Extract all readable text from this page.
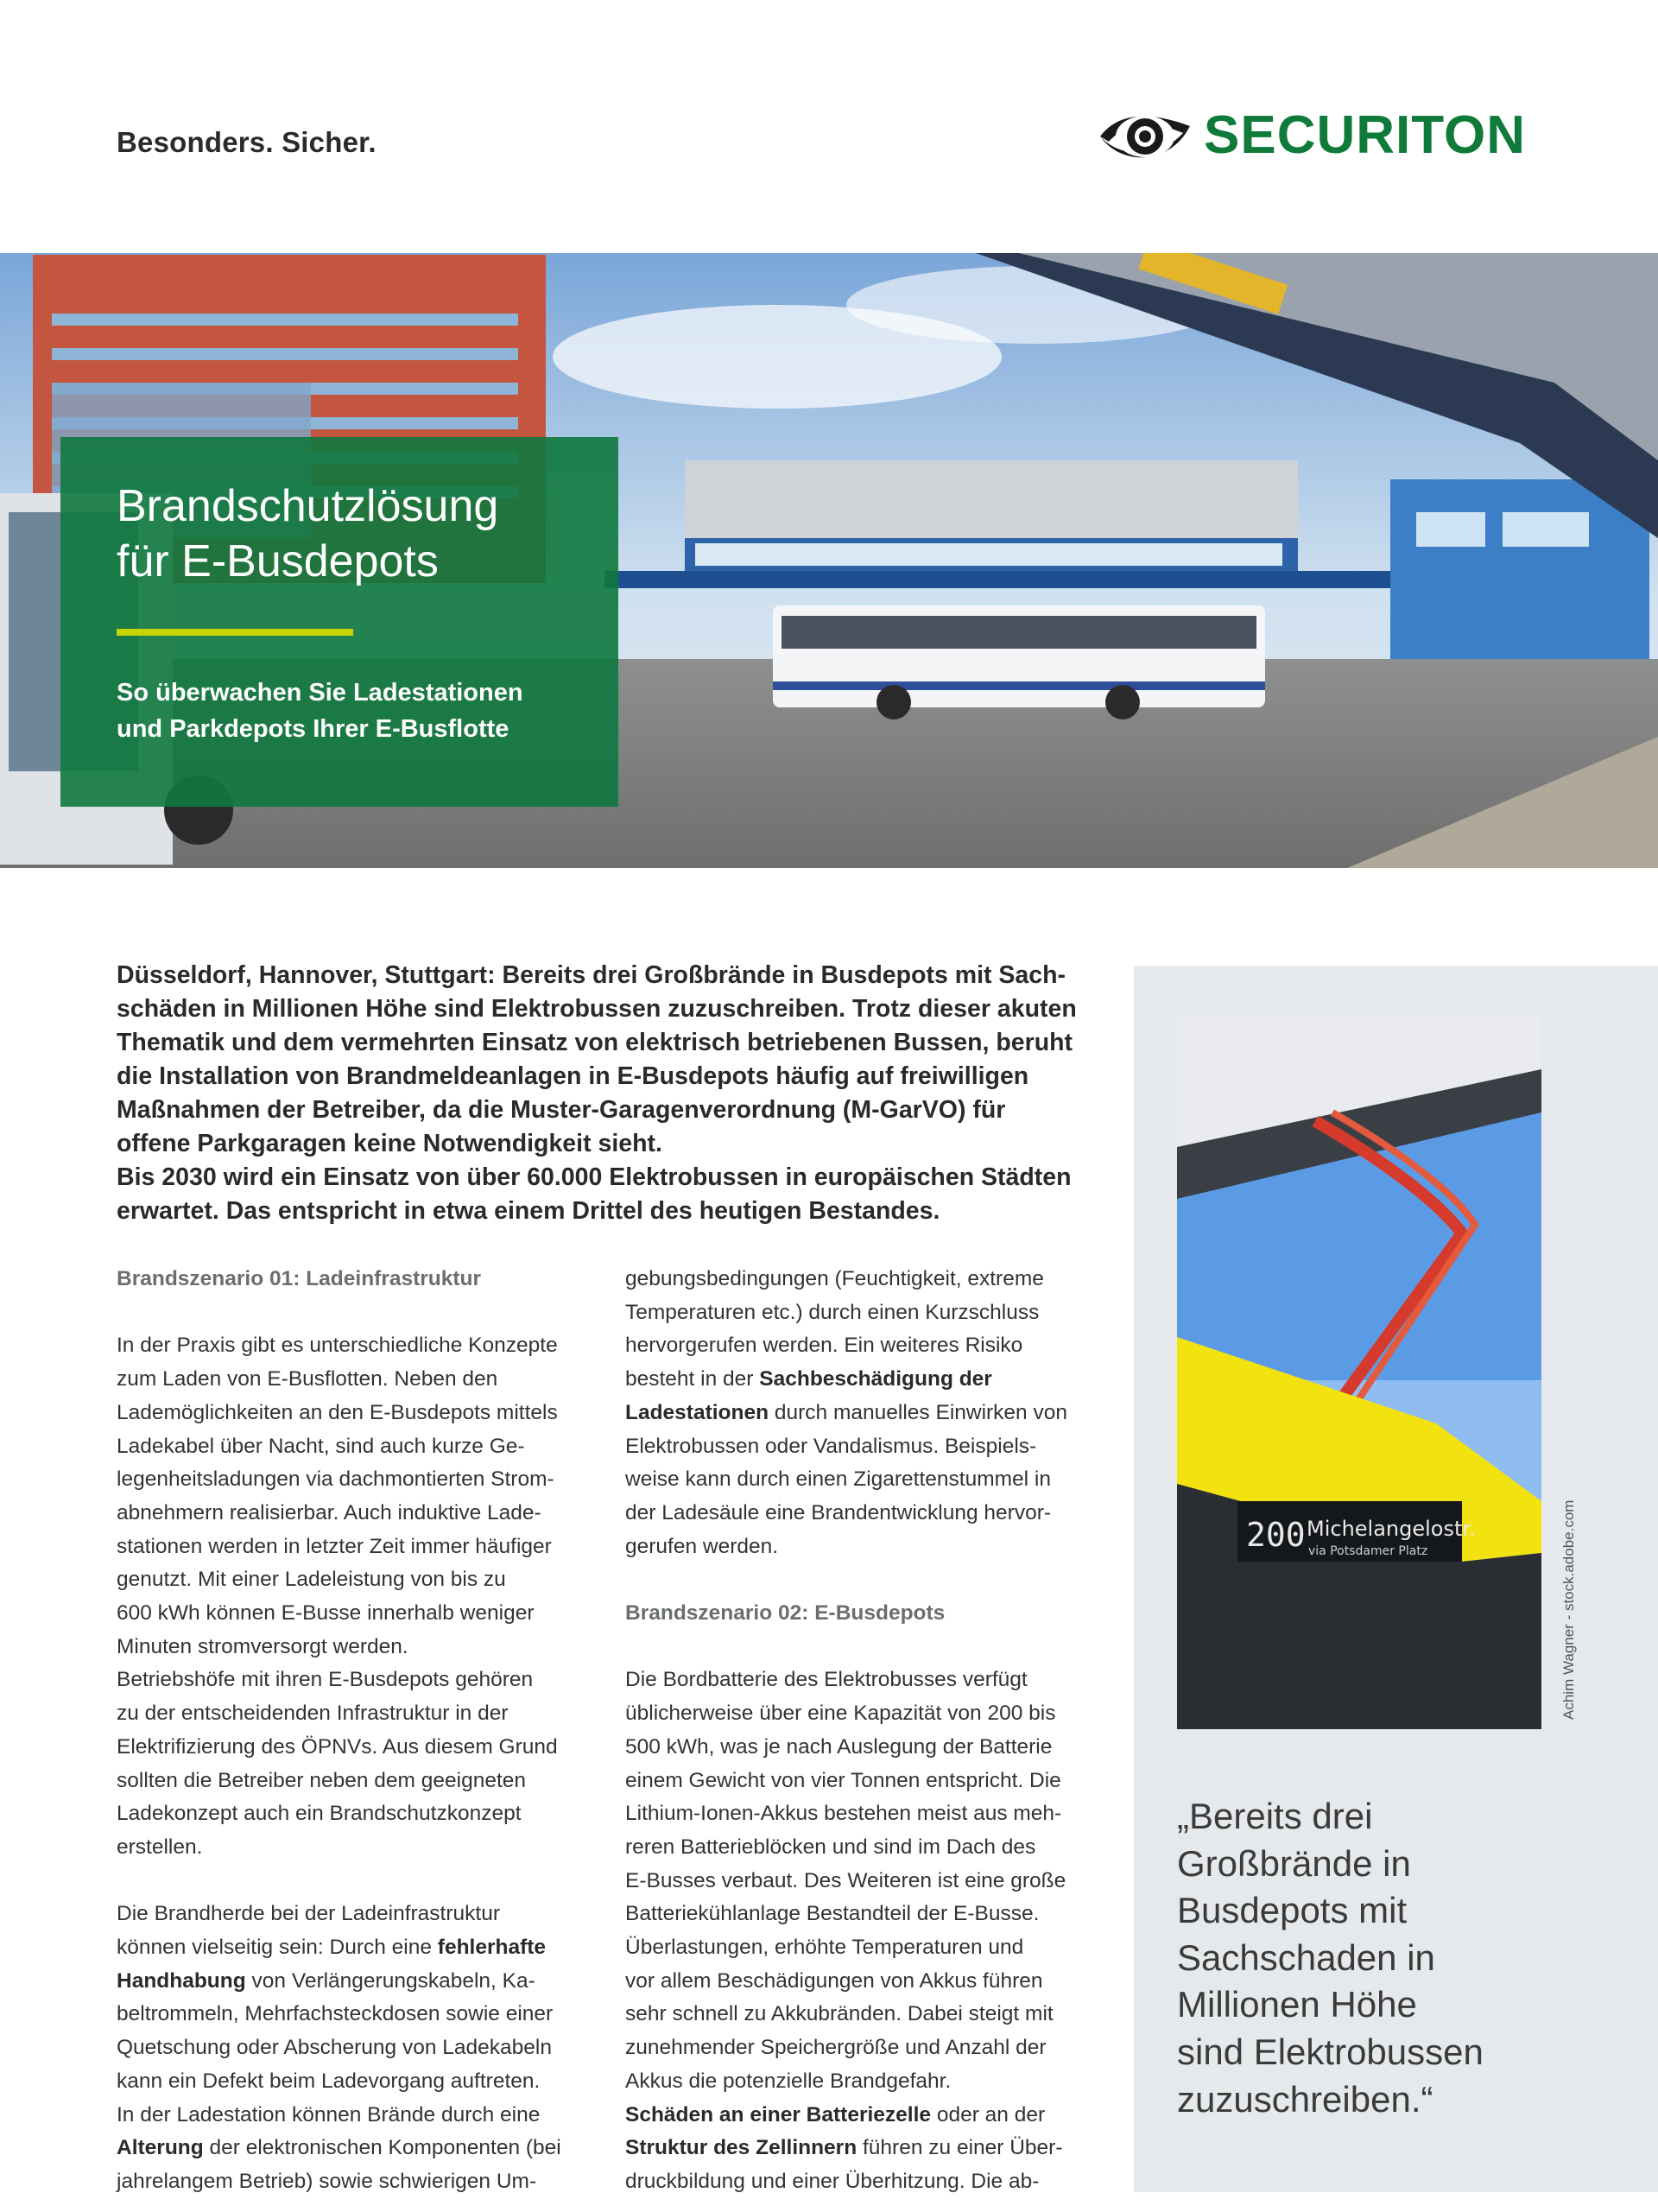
Besonders. Sicher.	SECURITON
Brandschutzlösung
für E-Busdepots
So überwachen Sie Ladestationen
und Parkdepots Ihrer E-Busflotte
Düsseldorf, Hannover, Stuttgart: Bereits drei Großbrände in Busdepots mit Sach-
schäden in Millionen Höhe sind Elektrobussen zuzuschreiben. Trotz dieser akuten
Thematik und dem vermehrten Einsatz von elektrisch betriebenen Bussen, beruht
die Installation von Brandmeldeanlagen in E-Busdepots häufig auf freiwilligen
Maßnahmen der Betreiber, da die Muster-Garagenverordnung (M-GarVO) für
offene Parkgaragen keine Notwendigkeit sieht.
Bis 2030 wird ein Einsatz von über 60.000 Elektrobussen in europäischen Städten
erwartet. Das entspricht in etwa einem Drittel des heutigen Bestandes.
Brandszenario 01: Ladeinfrastruktur
In der Praxis gibt es unterschiedliche Konzepte
zum Laden von E-Busflotten. Neben den
Lademöglichkeiten an den E-Busdepots mittels
Ladekabel über Nacht, sind auch kurze Ge-
legenheitsladungen via dachmontierten Strom-
abnehmern realisierbar. Auch induktive Lade-
stationen werden in letzter Zeit immer häufiger
genutzt. Mit einer Ladeleistung von bis zu
600 kWh können E-Busse innerhalb weniger
Minuten stromversorgt werden.
Betriebshöfe mit ihren E-Busdepots gehören
zu der entscheidenden Infrastruktur in der
Elektrifizierung des ÖPNVs. Aus diesem Grund
sollten die Betreiber neben dem geeigneten
Ladekonzept auch ein Brandschutzkonzept
erstellen.
Die Brandherde bei der Ladeinfrastruktur
können vielseitig sein: Durch eine fehlerhafte
Handhabung von Verlängerungskabeln, Ka-
beltrommeln, Mehrfachsteckdosen sowie einer
Quetschung oder Abscherung von Ladekabeln
kann ein Defekt beim Ladevorgang auftreten.
In der Ladestation können Brände durch eine
Alterung der elektronischen Komponenten (bei
jahrelangem Betrieb) sowie schwierigen Um-
gebungsbedingungen (Feuchtigkeit, extreme
Temperaturen etc.) durch einen Kurzschluss
hervorgerufen werden. Ein weiteres Risiko
besteht in der Sachbeschädigung der
Ladestationen durch manuelles Einwirken von
Elektrobussen oder Vandalismus. Beispiels-
weise kann durch einen Zigarettenstummel in
der Ladesäule eine Brandentwicklung hervor-
gerufen werden.
Brandszenario 02: E-Busdepots
Die Bordbatterie des Elektrobusses verfügt
üblicherweise über eine Kapazität von 200 bis
500 kWh, was je nach Auslegung der Batterie
einem Gewicht von vier Tonnen entspricht. Die
Lithium-Ionen-Akkus bestehen meist aus meh-
reren Batterieblöcken und sind im Dach des
E-Busses verbaut. Des Weiteren ist eine große
Batteriekühlanlage Bestandteil der E-Busse.
Überlastungen, erhöhte Temperaturen und
vor allem Beschädigungen von Akkus führen
sehr schnell zu Akkubränden. Dabei steigt mit
zunehmender Speichergröße und Anzahl der
Akkus die potenzielle Brandgefahr.
Schäden an einer Batteriezelle oder an der
Struktur des Zellinnern führen zu einer Über-
druckbildung und einer Überhitzung. Die ab-
200 Michelangelostr.
via Potsdamer Platz	Achim Wagner - stock.adobe.com
„Bereits drei
Großbrände in
Busdepots mit
Sachschaden in
Millionen Höhe
sind Elektrobussen
zuzuschreiben.“
